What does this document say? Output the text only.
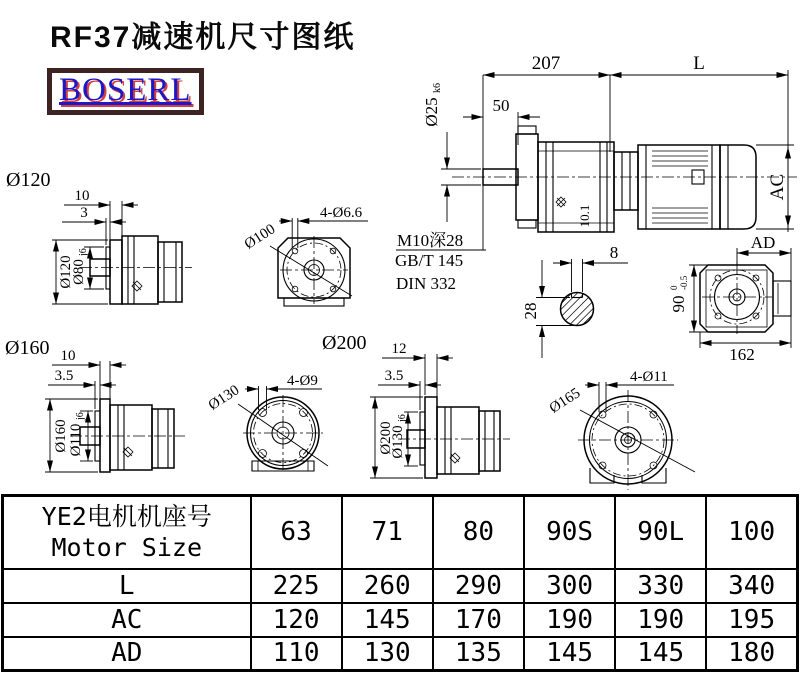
RF37减速机尺寸图纸
BOSERL
10.1
207	L
50
Ø25
k6
AC
M10深28
GB/T 145
DIN 332
8
28
AD
90
0 -0.5
162
Ø120
10
3
Ø120
Ø80
j6
4-Ø6.6
Ø100
Ø160 10
3.5
Ø160 Ø110
j6
4-Ø9
Ø130
Ø200 12
3.5
Ø200
Ø130
j6
4-Ø11
Ø165
YE2电机机座号
Motor Size	63	71	80	90S	90L	100
L	225	260	290	300	330	340
AC	120	145	170	190	190	195
AD	110	130	135	145	145	180
